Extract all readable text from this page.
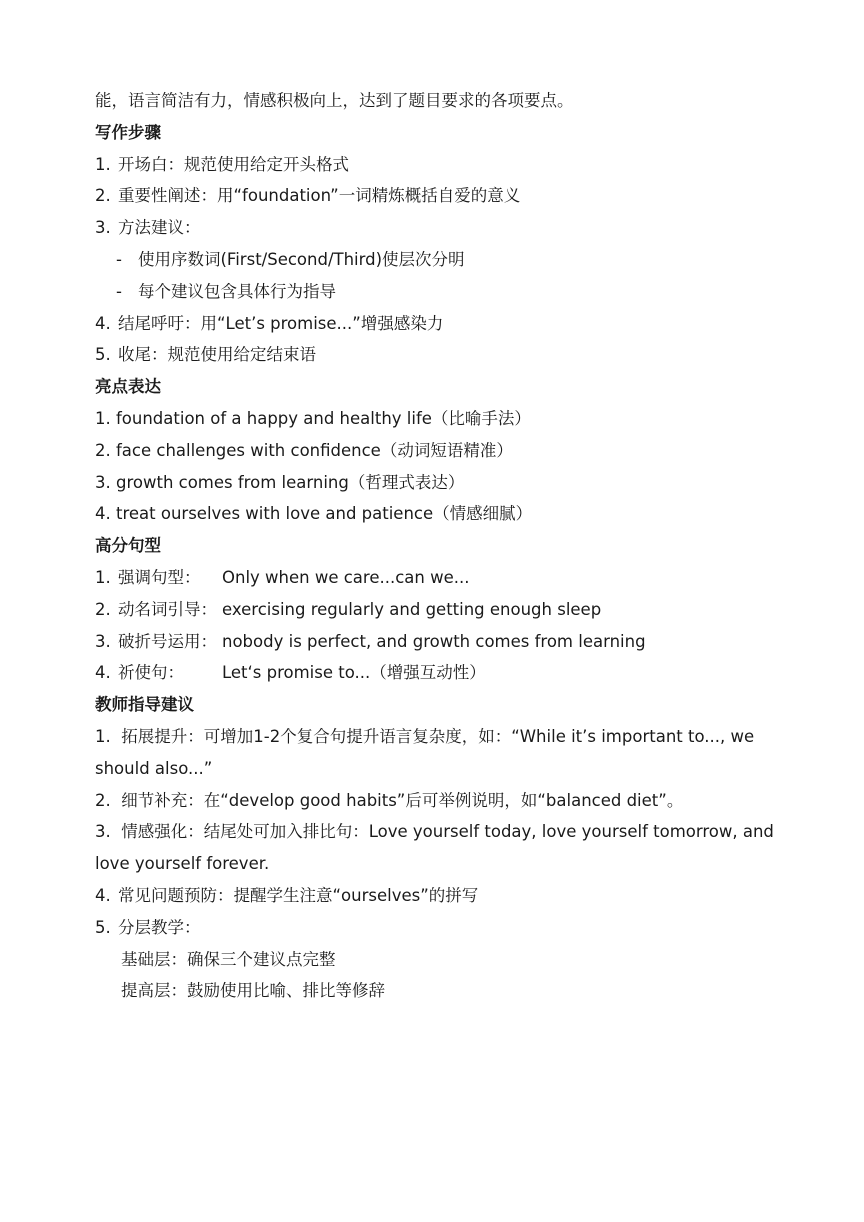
能，语言简洁有力，情感积极向上，达到了题目要求的各项要点。
写作步骤
1. 开场白：规范使用给定开头格式
2. 重要性阐述：用“foundation”一词精炼概括自爱的意义
3. 方法建议：
- 使用序数词(First/Second/Third)使层次分明
- 每个建议包含具体行为指导
4. 结尾呼吁：用“Let’s promise...”增强感染力
5. 收尾：规范使用给定结束语
亮点表达
1. foundation of a happy and healthy life（比喻手法）
2. face challenges with confidence（动词短语精准）
3. growth comes from learning（哲理式表达）
4. treat ourselves with love and patience（情感细腻）
高分句型
1. 强调句型： Only when we care...can we...
2. 动名词引导： exercising regularly and getting enough sleep
3. 破折号运用： nobody is perfect, and growth comes from learning
4. 祈使句： Let‘s promise to...（增强互动性）
教师指导建议
1. 拓展提升：可增加1-2个复合句提升语言复杂度，如：“While it’s important to..., we should also...”
2. 细节补充：在“develop good habits”后可举例说明，如“balanced diet”。
3. 情感强化：结尾处可加入排比句：Love yourself today, love yourself tomorrow, and love yourself forever.
4. 常见问题预防：提醒学生注意“ourselves”的拼写
5. 分层教学：
基础层：确保三个建议点完整
提高层：鼓励使用比喻、排比等修辞
